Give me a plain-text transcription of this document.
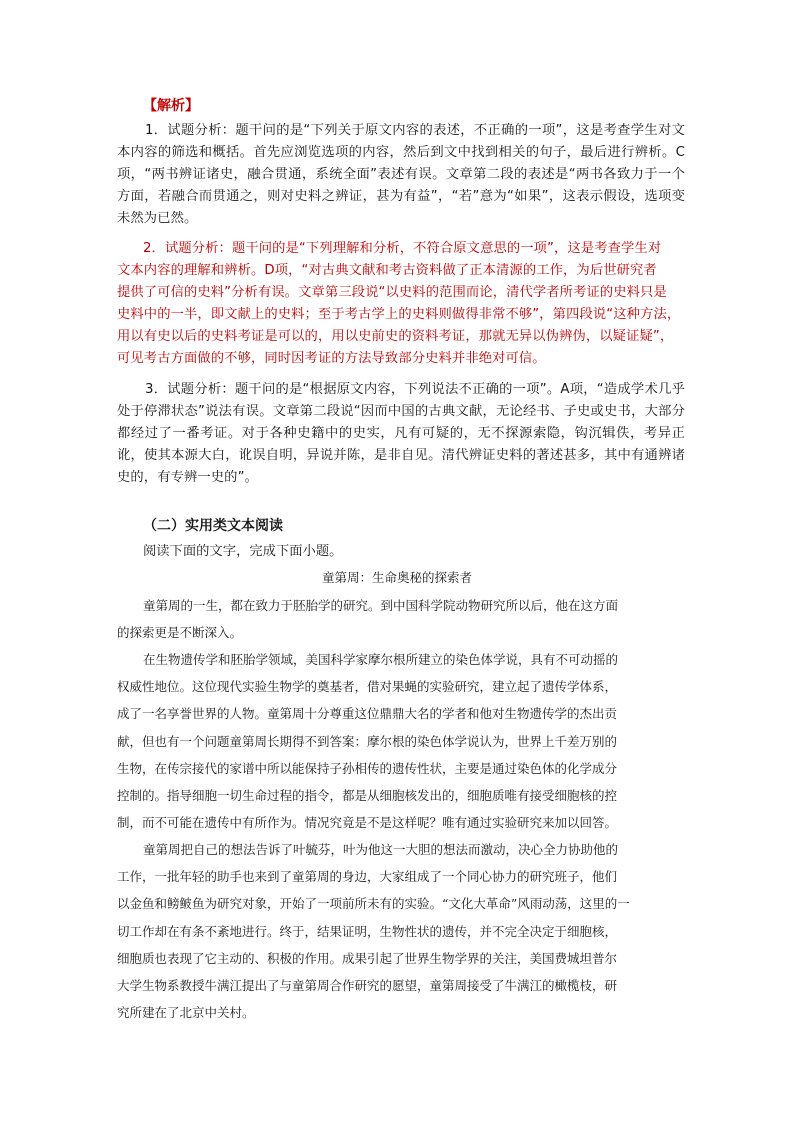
【解析】
1．试题分析：题干问的是“下列关于原文内容的表述，不正确的一项”，这是考查学生对文本内容的筛选和概括。首先应浏览选项的内容，然后到文中找到相关的句子，最后进行辨析。C项，“两书辨证诸史，融合贯通，系统全面”表述有误。文章第二段的表述是“两书各致力于一个方面，若融合而贯通之，则对史料之辨证，甚为有益”，“若”意为“如果”，这表示假设，选项变未然为已然。
2．试题分析：题干问的是“下列理解和分析，不符合原文意思的一项”，这是考查学生对
文本内容的理解和辨析。D项，“对古典文献和考古资料做了正本清源的工作，为后世研究者
提供了可信的史料”分析有误。文章第三段说“以史料的范围而论，清代学者所考证的史料只是
史料中的一半，即文献上的史料；至于考古学上的史料则做得非常不够”，第四段说“这种方法，
用以有史以后的史料考证是可以的，用以史前史的资料考证，那就无异以伪辨伪，以疑证疑”，
可见考古方面做的不够，同时因考证的方法导致部分史料并非绝对可信。
3．试题分析：题干问的是“根据原文内容，下列说法不正确的一项”。A项，“造成学术几乎处于停滞状态”说法有误。文章第二段说“因而中国的古典文献，无论经书、子史或史书，大部分都经过了一番考证。对于各种史籍中的史实，凡有可疑的，无不探源索隐，钩沉辑佚，考异正讹，使其本源大白，讹误自明，异说并陈，是非自见。清代辨证史料的著述甚多，其中有通辨诸史的，有专辨一史的”。
（二）实用类文本阅读
阅读下面的文字，完成下面小题。
童第周：生命奥秘的探索者
童第周的一生，都在致力于胚胎学的研究。到中国科学院动物研究所以后，他在这方面
的探索更是不断深入。
在生物遗传学和胚胎学领域，美国科学家摩尔根所建立的染色体学说，具有不可动摇的
权威性地位。这位现代实验生物学的奠基者，借对果蝇的实验研究，建立起了遗传学体系，
成了一名享誉世界的人物。童第周十分尊重这位鼎鼎大名的学者和他对生物遗传学的杰出贡
献，但也有一个问题童第周长期得不到答案：摩尔根的染色体学说认为，世界上千差万别的
生物，在传宗接代的家谱中所以能保持子孙相传的遗传性状，主要是通过染色体的化学成分
控制的。指导细胞一切生命过程的指令，都是从细胞核发出的，细胞质唯有接受细胞核的控
制，而不可能在遗传中有所作为。情况究竟是不是这样呢？唯有通过实验研究来加以回答。
童第周把自己的想法告诉了叶毓芬，叶为他这一大胆的想法而激动，决心全力协助他的
工作，一批年轻的助手也来到了童第周的身边，大家组成了一个同心协力的研究班子，他们
以金鱼和鳑鲏鱼为研究对象，开始了一项前所未有的实验。“文化大革命”风雨动荡，这里的一
切工作却在有条不紊地进行。终于，结果证明，生物性状的遗传，并不完全决定于细胞核，
细胞质也表现了它主动的、积极的作用。成果引起了世界生物学界的关注，美国费城坦普尔
大学生物系教授牛满江提出了与童第周合作研究的愿望，童第周接受了牛满江的橄榄枝，研
究所建在了北京中关村。
